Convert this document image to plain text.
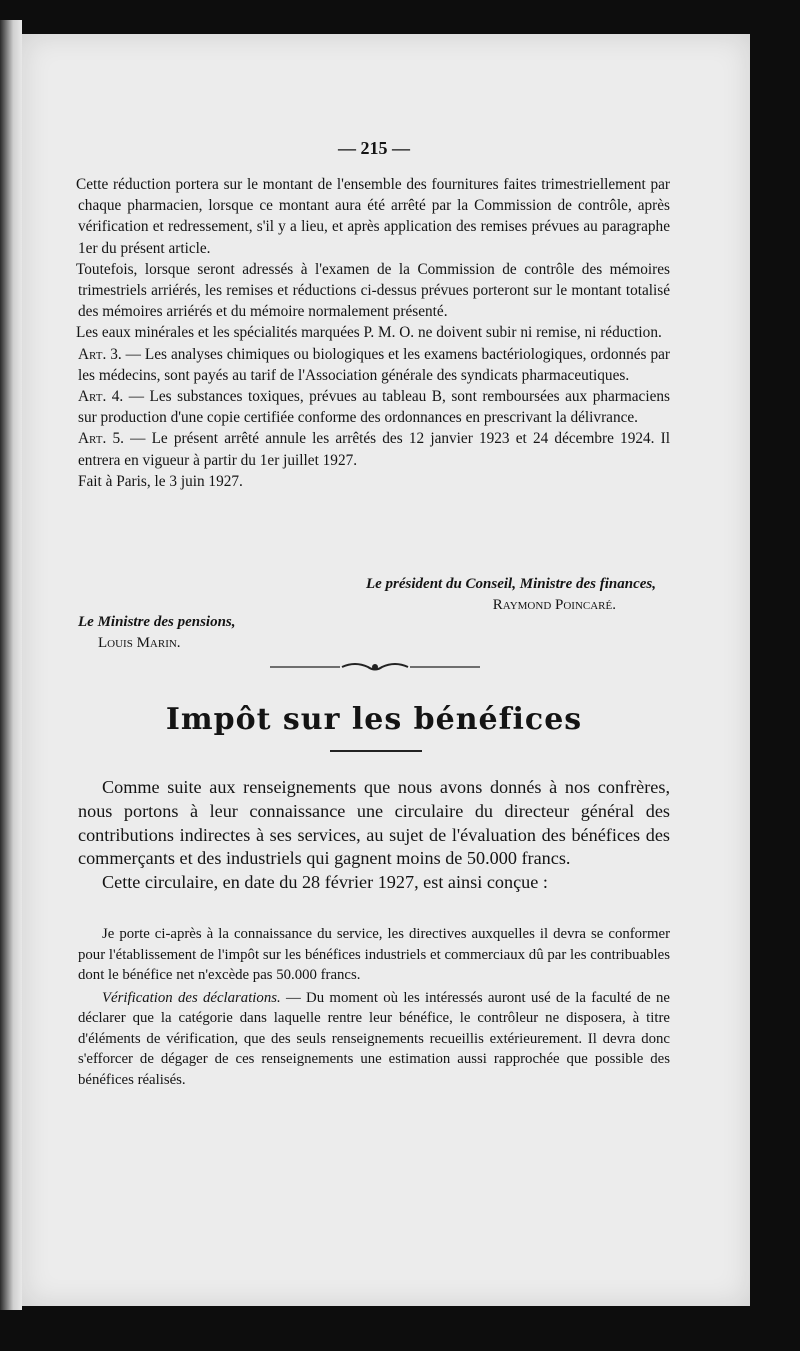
— 215 —

Cette réduction portera sur le montant de l'ensemble des fournitures faites trimestriellement par chaque pharmacien, lorsque ce montant aura été arrêté par la Commission de contrôle, après vérification et redressement, s'il y a lieu, et après application des remises prévues au paragraphe 1er du présent article.

Toutefois, lorsque seront adressés à l'examen de la Commission de contrôle des mémoires trimestriels arriérés, les remises et réductions ci-dessus prévues porteront sur le montant totalisé des mémoires arriérés et du mémoire normalement présenté.

Les eaux minérales et les spécialités marquées P. M. O. ne doivent subir ni remise, ni réduction.

Art. 3. — Les analyses chimiques ou biologiques et les examens bactériologiques, ordonnés par les médecins, sont payés au tarif de l'Association générale des syndicats pharmaceutiques.

Art. 4. — Les substances toxiques, prévues au tableau B, sont remboursées aux pharmaciens sur production d'une copie certifiée conforme des ordonnances en prescrivant la délivrance.

Art. 5. — Le présent arrêté annule les arrêtés des 12 janvier 1923 et 24 décembre 1924. Il entrera en vigueur à partir du 1er juillet 1927.

Fait à Paris, le 3 juin 1927.

Le président du Conseil, Ministre des finances,
Raymond Poincaré.
Le Ministre des pensions,
Louis Marin.
Impôt sur les bénéfices

Comme suite aux renseignements que nous avons donnés à nos confrères, nous portons à leur connaissance une circulaire du directeur général des contributions indirectes à ses services, au sujet de l'évaluation des bénéfices des commerçants et des industriels qui gagnent moins de 50.000 francs.

Cette circulaire, en date du 28 février 1927, est ainsi conçue :

Je porte ci-après à la connaissance du service, les directives auxquelles il devra se conformer pour l'établissement de l'impôt sur les bénéfices industriels et commerciaux dû par les contribuables dont le bénéfice net n'excède pas 50.000 francs.

Vérification des déclarations. — Du moment où les intéressés auront usé de la faculté de ne déclarer que la catégorie dans laquelle rentre leur bénéfice, le contrôleur ne disposera, à titre d'éléments de vérification, que des seuls renseignements recueillis extérieurement. Il devra donc s'efforcer de dégager de ces renseignements une estimation aussi rapprochée que possible des bénéfices réalisés.
